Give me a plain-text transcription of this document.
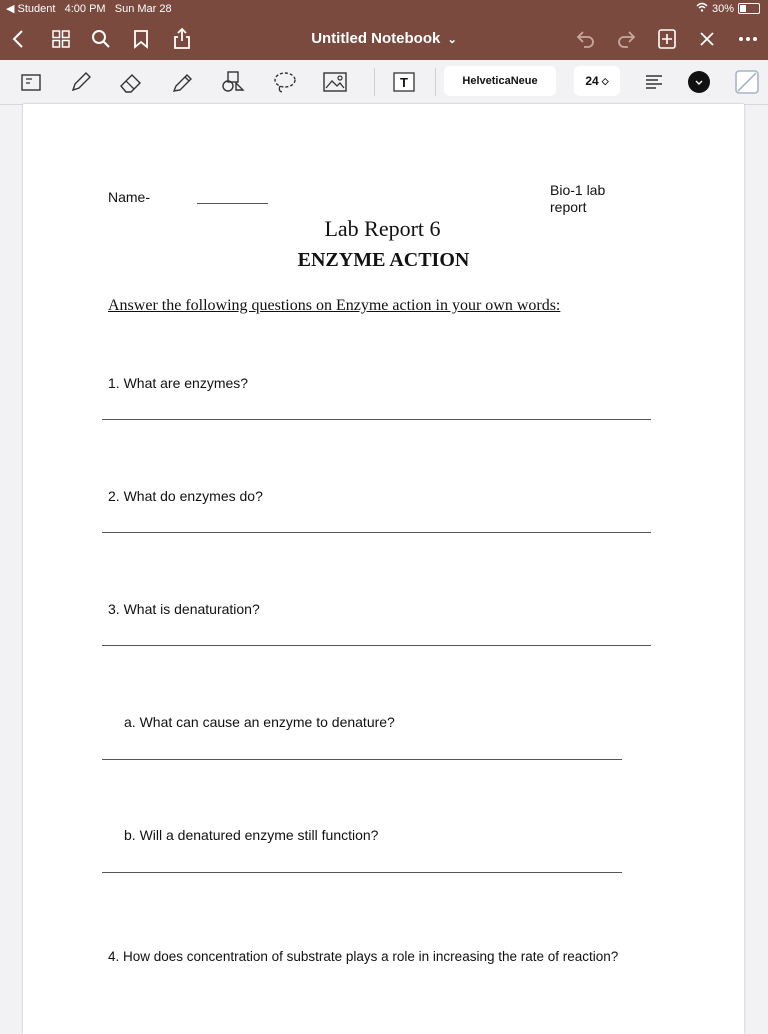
◀ Student 4:00 PM Sun Mar 28	30%
Untitled Notebook  ⌄
T	HelveticaNeue	24 ◇
Name-	Bio-1 lab
report
Lab Report 6
ENZYME ACTION
Answer the following questions on Enzyme action in your own words:
1. What are enzymes?
2. What do enzymes do?
3. What is denaturation?
a. What can cause an enzyme to denature?
b. Will a denatured enzyme still function?
4. How does concentration of substrate plays a role in increasing the rate of reaction?
